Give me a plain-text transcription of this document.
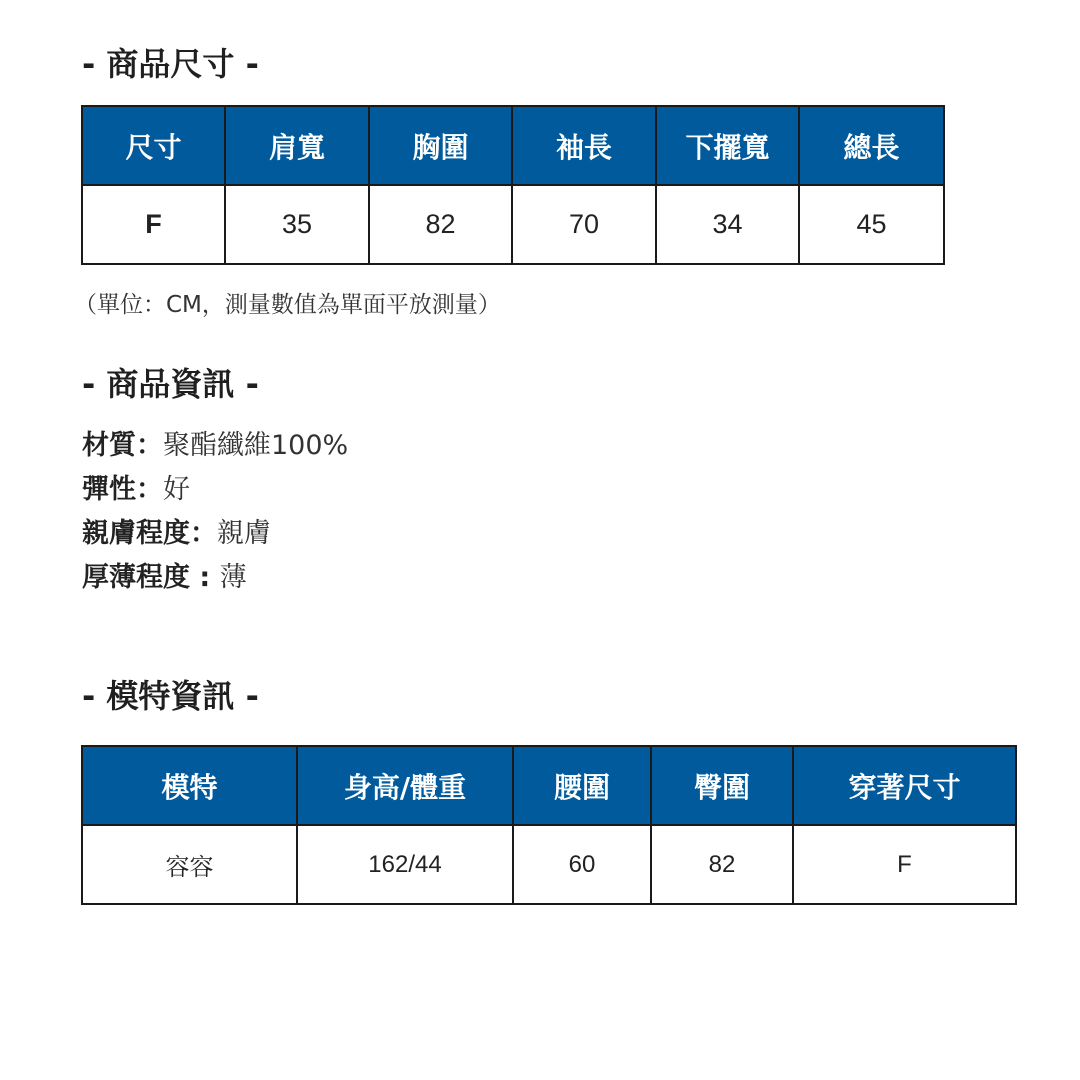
- 商品尺寸 -
尺寸	肩寬	胸圍	袖長	下擺寬	總長
F	35	82	70	34	45
（單位：CM，測量數值為單面平放測量）
- 商品資訊 -
材質：聚酯纖維100%
彈性：好
親膚程度：親膚
厚薄程度 : 薄
- 模特資訊 -
模特	身高/體重	腰圍	臀圍	穿著尺寸
容容	162/44	60	82	F
